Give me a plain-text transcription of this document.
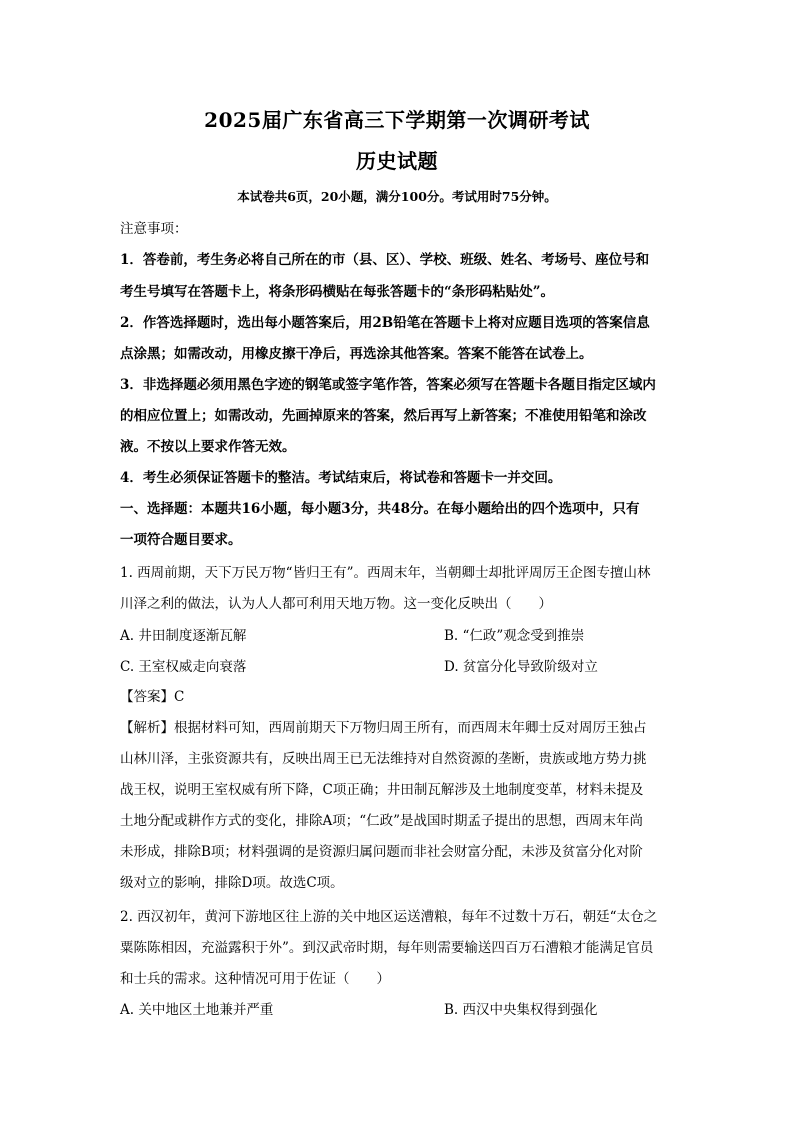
2025届广东省高三下学期第一次调研考试
历史试题
本试卷共6页，20小题，满分100分。考试用时75分钟。
注意事项：
1．答卷前，考生务必将自己所在的市（县、区）、学校、班级、姓名、考场号、座位号和
考生号填写在答题卡上，将条形码横贴在每张答题卡的“条形码粘贴处”。
2．作答选择题时，选出每小题答案后，用2B铅笔在答题卡上将对应题目选项的答案信息
点涂黑；如需改动，用橡皮擦干净后，再选涂其他答案。答案不能答在试卷上。
3．非选择题必须用黑色字迹的钢笔或签字笔作答，答案必须写在答题卡各题目指定区域内
的相应位置上；如需改动，先画掉原来的答案，然后再写上新答案；不准使用铅笔和涂改
液。不按以上要求作答无效。
4．考生必须保证答题卡的整洁。考试结束后，将试卷和答题卡一并交回。
一、选择题：本题共16小题，每小题3分，共48分。在每小题给出的四个选项中，只有
一项符合题目要求。
1. 西周前期，天下万民万物“皆归王有”。西周末年，当朝卿士却批评周厉王企图专擅山林
川泽之利的做法，认为人人都可利用天地万物。这一变化反映出（　　）
A. 井田制度逐渐瓦解	B. “仁政”观念受到推崇
C. 王室权威走向衰落	D. 贫富分化导致阶级对立
【答案】C
【解析】根据材料可知，西周前期天下万物归周王所有，而西周末年卿士反对周厉王独占
山林川泽，主张资源共有，反映出周王已无法维持对自然资源的垄断，贵族或地方势力挑
战王权，说明王室权威有所下降，C项正确；井田制瓦解涉及土地制度变革，材料未提及
土地分配或耕作方式的变化，排除A项；“仁政”是战国时期孟子提出的思想，西周末年尚
未形成，排除B项；材料强调的是资源归属问题而非社会财富分配，未涉及贫富分化对阶
级对立的影响，排除D项。故选C项。
2. 西汉初年，黄河下游地区往上游的关中地区运送漕粮，每年不过数十万石，朝廷“太仓之
粟陈陈相因，充溢露积于外”。到汉武帝时期，每年则需要输送四百万石漕粮才能满足官员
和士兵的需求。这种情况可用于佐证（　　）
A. 关中地区土地兼并严重	B. 西汉中央集权得到强化
